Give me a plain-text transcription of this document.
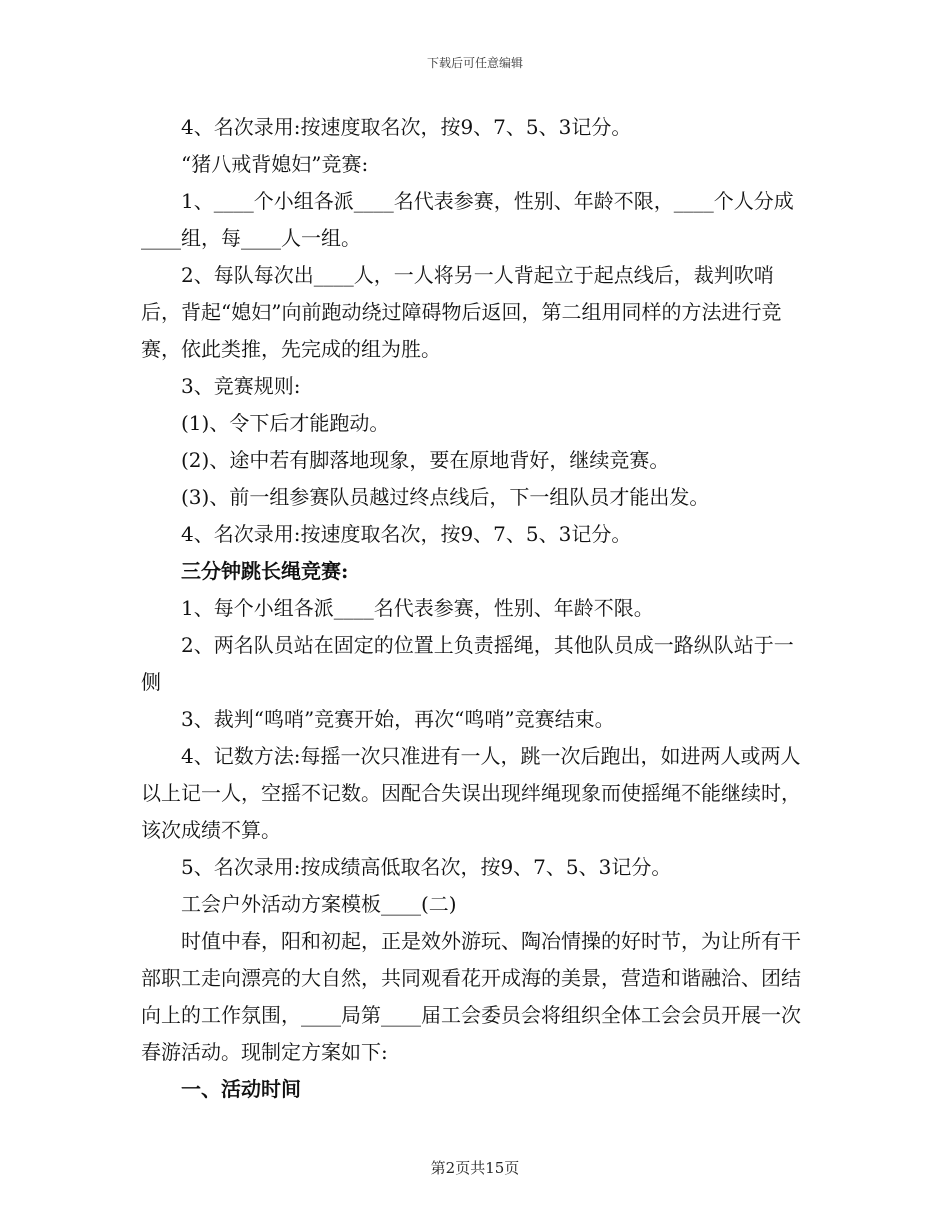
下载后可任意编辑

4、名次录用:按速度取名次，按9、7、5、3记分。

“猪八戒背媳妇”竞赛:

1、____个小组各派____名代表参赛，性别、年龄不限，____个人分成____组，每____人一组。

2、每队每次出____人，一人将另一人背起立于起点线后，裁判吹哨后，背起“媳妇”向前跑动绕过障碍物后返回，第二组用同样的方法进行竞赛，依此类推，先完成的组为胜。

3、竞赛规则:

(1)、令下后才能跑动。

(2)、途中若有脚落地现象，要在原地背好，继续竞赛。

(3)、前一组参赛队员越过终点线后，下一组队员才能出发。

4、名次录用:按速度取名次，按9、7、5、3记分。

三分钟跳长绳竞赛:

1、每个小组各派____名代表参赛，性别、年龄不限。

2、两名队员站在固定的位置上负责摇绳，其他队员成一路纵队站于一侧

3、裁判“鸣哨”竞赛开始，再次“鸣哨”竞赛结束。

4、记数方法:每摇一次只准进有一人，跳一次后跑出，如进两人或两人以上记一人，空摇不记数。因配合失误出现绊绳现象而使摇绳不能继续时，该次成绩不算。

5、名次录用:按成绩高低取名次，按9、7、5、3记分。

工会户外活动方案模板____(二)

时值中春，阳和初起，正是效外游玩、陶冶情操的好时节，为让所有干部职工走向漂亮的大自然，共同观看花开成海的美景，营造和谐融洽、团结向上的工作氛围，____局第____届工会委员会将组织全体工会会员开展一次春游活动。现制定方案如下:

一、活动时间

第2页共15页
